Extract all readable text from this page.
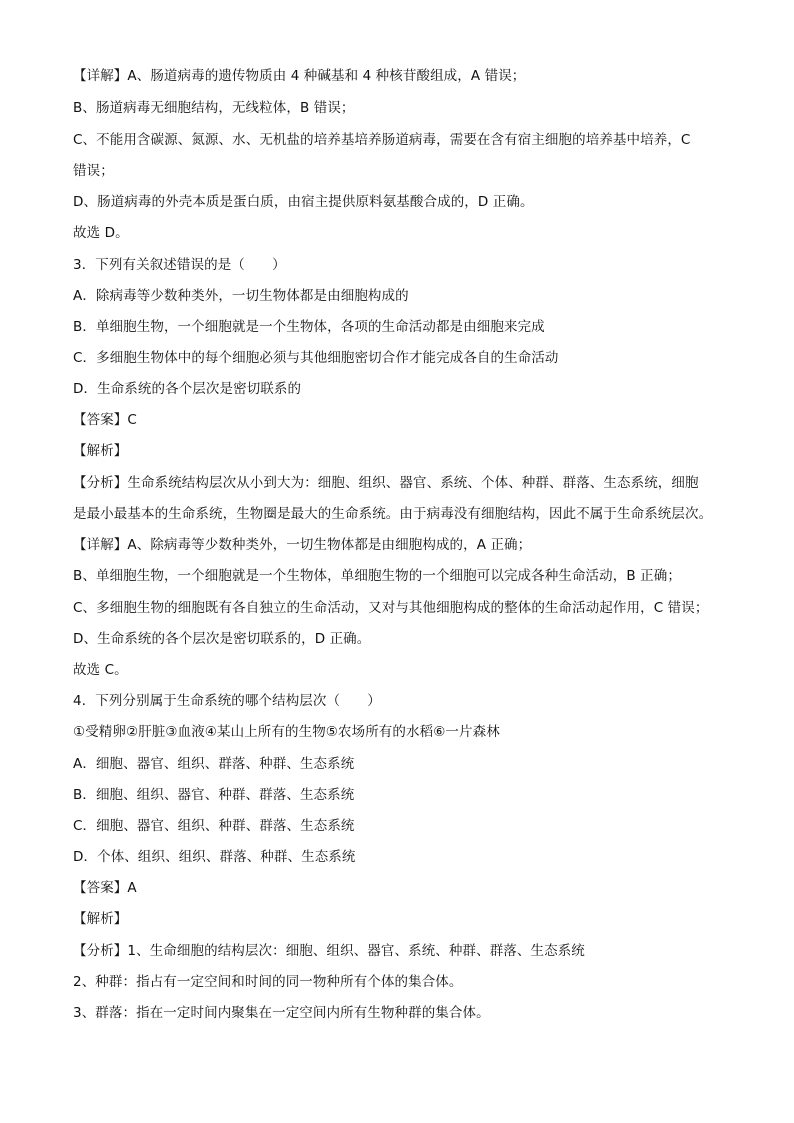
【详解】A、肠道病毒的遗传物质由 4 种碱基和 4 种核苷酸组成，A 错误；
B、肠道病毒无细胞结构，无线粒体，B 错误；
C、不能用含碳源、氮源、水、无机盐的培养基培养肠道病毒，需要在含有宿主细胞的培养基中培养，C
错误；
D、肠道病毒的外壳本质是蛋白质，由宿主提供原料氨基酸合成的，D 正确。
故选 D。
3．下列有关叙述错误的是（　　）
A．除病毒等少数种类外，一切生物体都是由细胞构成的
B．单细胞生物，一个细胞就是一个生物体，各项的生命活动都是由细胞来完成
C．多细胞生物体中的每个细胞必须与其他细胞密切合作才能完成各自的生命活动
D．生命系统的各个层次是密切联系的
【答案】C
【解析】
【分析】生命系统结构层次从小到大为：细胞、组织、器官、系统、个体、种群、群落、生态系统，细胞
是最小最基本的生命系统，生物圈是最大的生命系统。由于病毒没有细胞结构，因此不属于生命系统层次。
【详解】A、除病毒等少数种类外，一切生物体都是由细胞构成的，A 正确；
B、单细胞生物，一个细胞就是一个生物体，单细胞生物的一个细胞可以完成各种生命活动，B 正确；
C、多细胞生物的细胞既有各自独立的生命活动，又对与其他细胞构成的整体的生命活动起作用，C 错误；
D、生命系统的各个层次是密切联系的，D 正确。
故选 C。
4．下列分别属于生命系统的哪个结构层次（　　）
①受精卵②肝脏③血液④某山上所有的生物⑤农场所有的水稻⑥一片森林
A．细胞、器官、组织、群落、种群、生态系统
B．细胞、组织、器官、种群、群落、生态系统
C．细胞、器官、组织、种群、群落、生态系统
D．个体、组织、组织、群落、种群、生态系统
【答案】A
【解析】
【分析】1、生命细胞的结构层次：细胞、组织、器官、系统、种群、群落、生态系统
2、种群：指占有一定空间和时间的同一物种所有个体的集合体。
3、群落：指在一定时间内聚集在一定空间内所有生物种群的集合体。
